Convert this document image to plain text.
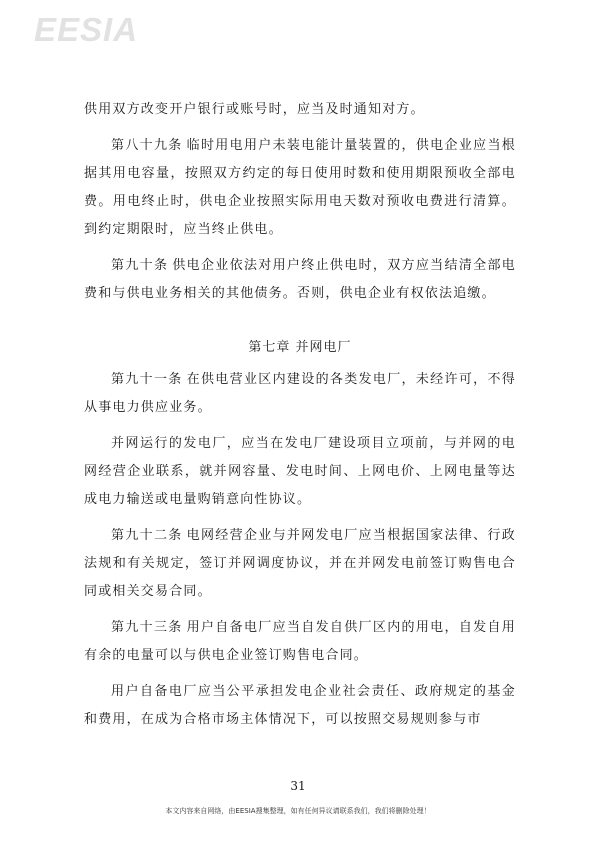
EESIA

供用双方改变开户银行或账号时，应当及时通知对方。

第八十九条 临时用电用户未装电能计量装置的，供电企业应当根据其用电容量，按照双方约定的每日使用时数和使用期限预收全部电费。用电终止时，供电企业按照实际用电天数对预收电费进行清算。到约定期限时，应当终止供电。

第九十条 供电企业依法对用户终止供电时，双方应当结清全部电费和与供电业务相关的其他债务。否则，供电企业有权依法追缴。

第七章 并网电厂

第九十一条 在供电营业区内建设的各类发电厂，未经许可，不得从事电力供应业务。

并网运行的发电厂，应当在发电厂建设项目立项前，与并网的电网经营企业联系，就并网容量、发电时间、上网电价、上网电量等达成电力输送或电量购销意向性协议。

第九十二条 电网经营企业与并网发电厂应当根据国家法律、行政法规和有关规定，签订并网调度协议，并在并网发电前签订购售电合同或相关交易合同。

第九十三条 用户自备电厂应当自发自供厂区内的用电，自发自用有余的电量可以与供电企业签订购售电合同。

用户自备电厂应当公平承担发电企业社会责任、政府规定的基金和费用，在成为合格市场主体情况下，可以按照交易规则参与市

31
本文内容来自网络，由EESIA搜集整理，如有任何异议请联系我们，我们将删除处理！
